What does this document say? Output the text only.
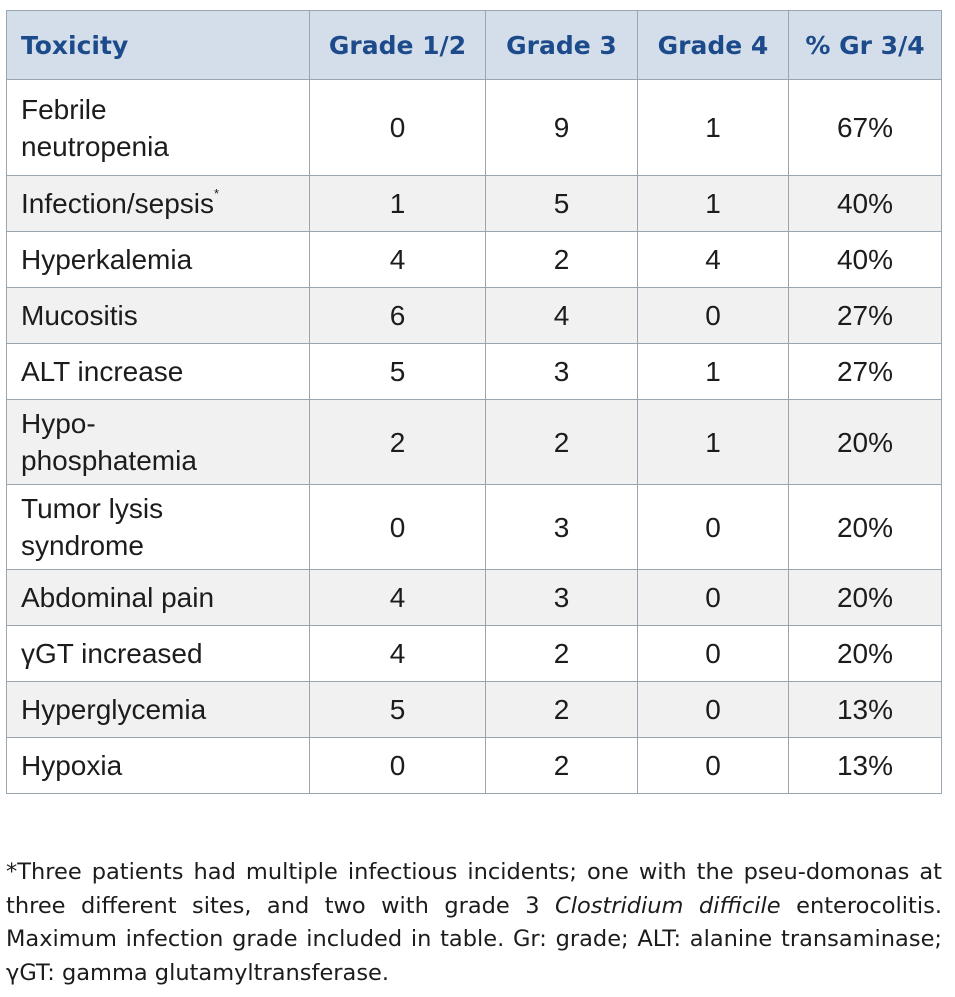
Toxicity	Grade 1/2	Grade 3	Grade 4	% Gr 3/4
Febrile
neutropenia	0	9	1	67%
Infection/sepsis*	1	5	1	40%
Hyperkalemia	4	2	4	40%
Mucositis	6	4	0	27%
ALT increase	5	3	1	27%
Hypo-
phosphatemia	2	2	1	20%
Tumor lysis
syndrome	0	3	0	20%
Abdominal pain	4	3	0	20%
γGT increased	4	2	0	20%
Hyperglycemia	5	2	0	13%
Hypoxia	0	2	0	13%
*Three patients had multiple infectious incidents; one with the pseu-domonas at three different sites, and two with grade 3 Clostridium difficile enterocolitis. Maximum infection grade included in table. Gr: grade; ALT: alanine transaminase; γGT: gamma glutamyltransferase.
